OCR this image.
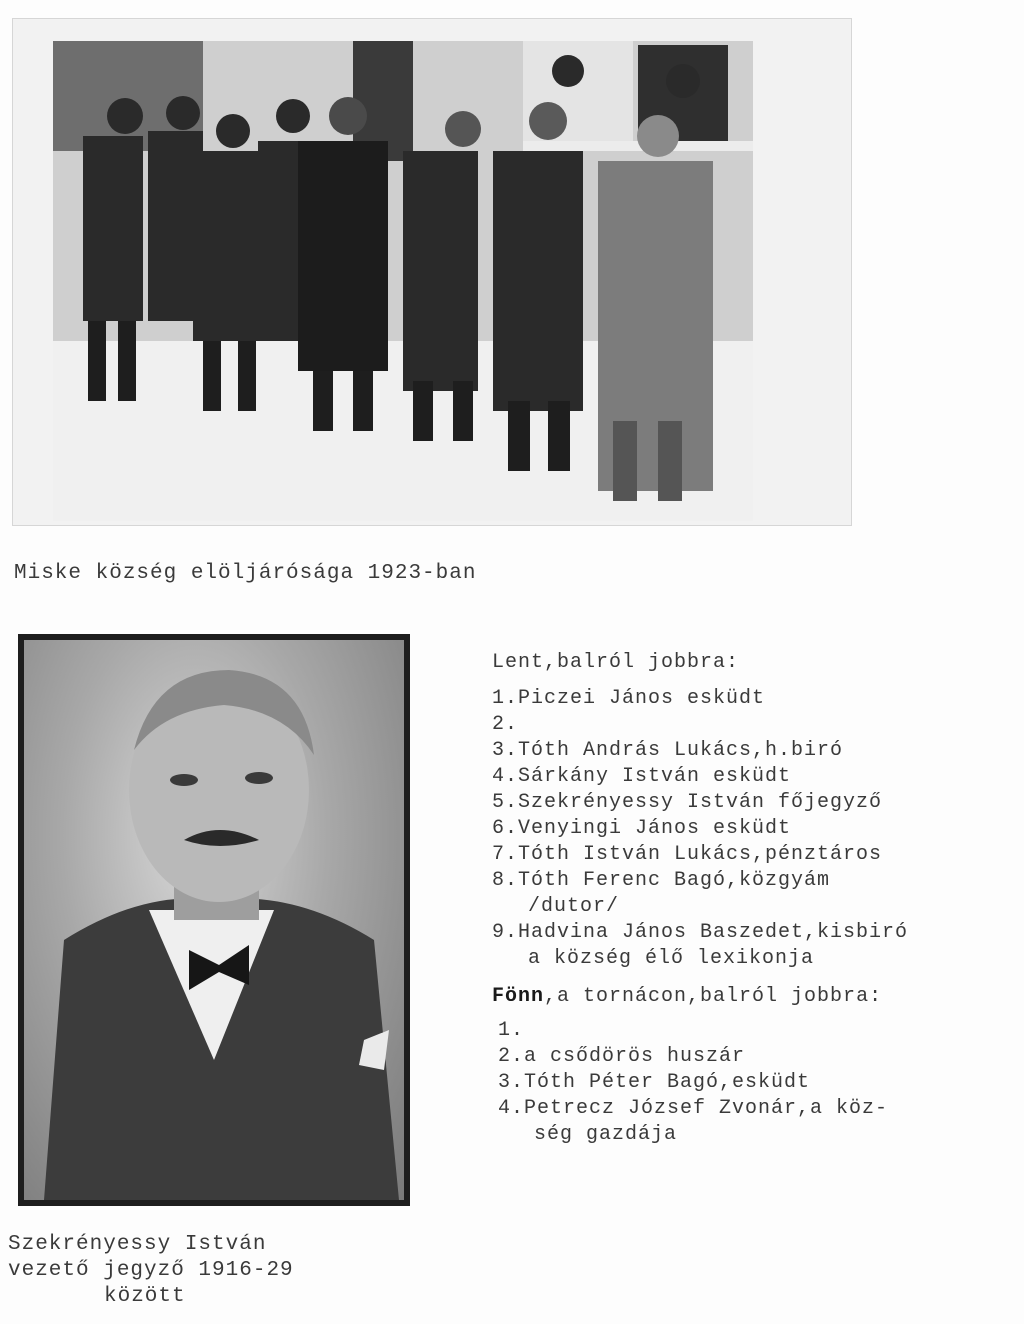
Miske község elöljárósága 1923-ban
Szekrényessy István
vezető jegyző 1916-29
között
Lent,balról jobbra:
1.Piczei János esküdt
2.
3.Tóth András Lukács,h.biró
4.Sárkány István esküdt
5.Szekrényessy István főjegyző
6.Venyingi János esküdt
7.Tóth István Lukács,pénztáros
8.Tóth Ferenc Bagó,közgyám
/dutor/
9.Hadvina János Baszedet,kisbiró
a község élő lexikonja
Fönn,a tornácon,balról jobbra:
1.
2.a csődörös huszár
3.Tóth Péter Bagó,esküdt
4.Petrecz József Zvonár,a köz-
ség gazdája
